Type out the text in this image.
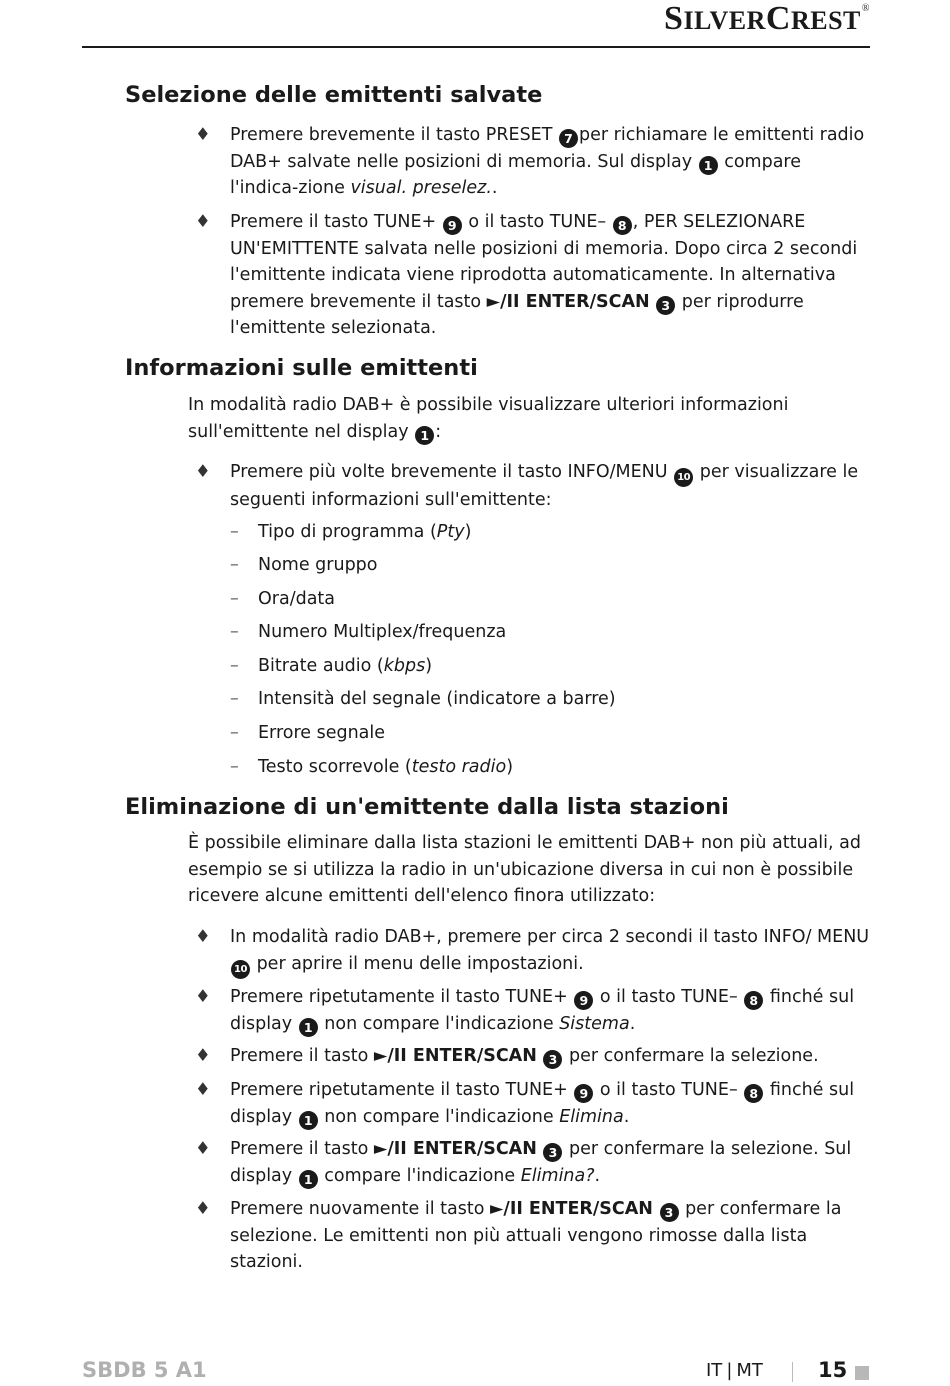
SILVERCREST®
Selezione delle emittenti salvate
♦ Premere brevemente il tasto PRESET 7 per richiamare le emittenti radio DAB+ salvate nelle posizioni di memoria. Sul display 1 compare l'indica-zione visual. preselez..
♦ Premere il tasto TUNE+ 9 o il tasto TUNE– 8 , PER SELEZIONARE UN'EMITTENTE salvata nelle posizioni di memoria. Dopo circa 2 secondi l'emittente indicata viene riprodotta automaticamente. In alternativa premere brevemente il tasto ►/II ENTER/SCAN 3 per riprodurre l'emittente selezionata.
Informazioni sulle emittenti

In modalità radio DAB+ è possibile visualizzare ulteriori informazioni sull'emittente nel display 1 :

♦ Premere più volte brevemente il tasto INFO/MENU 10 per visualizzare le seguenti informazioni sull'emittente:
– Tipo di programma (Pty)
– Nome gruppo
– Ora/data
– Numero Multiplex/frequenza
– Bitrate audio (kbps)
– Intensità del segnale (indicatore a barre)
– Errore segnale
– Testo scorrevole (testo radio)
Eliminazione di un'emittente dalla lista stazioni

È possibile eliminare dalla lista stazioni le emittenti DAB+ non più attuali, ad esempio se si utilizza la radio in un'ubicazione diversa in cui non è possibile ricevere alcune emittenti dell'elenco finora utilizzato:

♦ In modalità radio DAB+, premere per circa 2 secondi il tasto INFO/ MENU 10 per aprire il menu delle impostazioni.
♦ Premere ripetutamente il tasto TUNE+ 9 o il tasto TUNE– 8 finché sul display 1 non compare l'indicazione Sistema.
♦ Premere il tasto ►/II ENTER/SCAN 3 per confermare la selezione.
♦ Premere ripetutamente il tasto TUNE+ 9 o il tasto TUNE– 8 finché sul display 1 non compare l'indicazione Elimina.
♦ Premere il tasto ►/II ENTER/SCAN 3 per confermare la selezione. Sul display 1 compare l'indicazione Elimina?.
♦ Premere nuovamente il tasto ►/II ENTER/SCAN 3 per confermare la selezione. Le emittenti non più attuali vengono rimosse dalla lista stazioni.
SBDB 5 A1	IT | MT	15
